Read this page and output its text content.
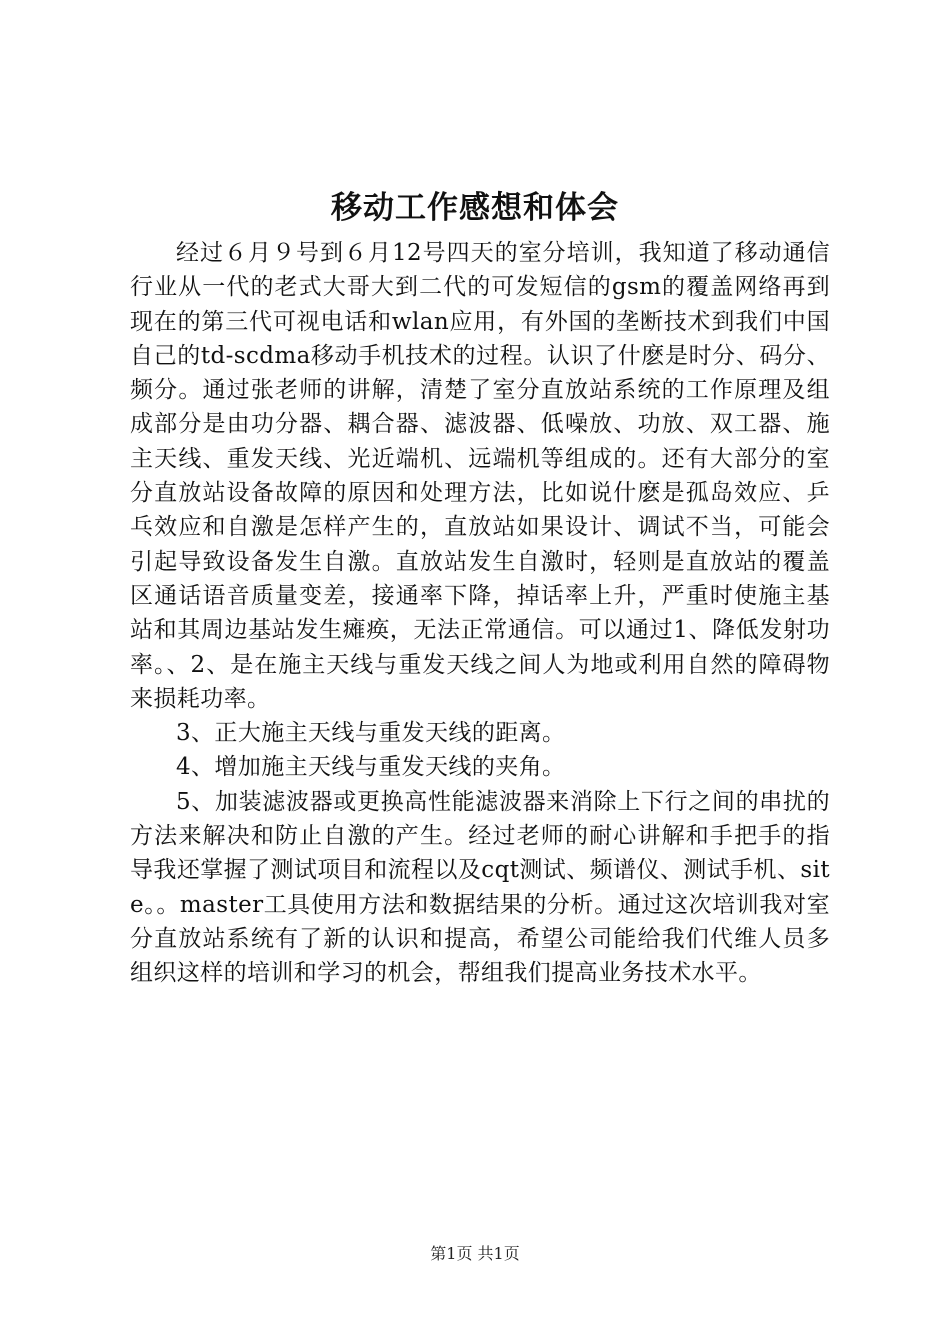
移动工作感想和体会

经过６月９号到６月12号四天的室分培训，我知道了移动通信行业从一代的老式大哥大到二代的可发短信的gsm的覆盖网络再到现在的第三代可视电话和wlan应用，有外国的垄断技术到我们中国自己的td-scdma移动手机技术的过程。认识了什麽是时分、码分、频分。通过张老师的讲解，清楚了室分直放站系统的工作原理及组成部分是由功分器、耦合器、滤波器、低噪放、功放、双工器、施主天线、重发天线、光近端机、远端机等组成的。还有大部分的室分直放站设备故障的原因和处理方法，比如说什麽是孤岛效应、乒乓效应和自激是怎样产生的，直放站如果设计、调试不当，可能会引起导致设备发生自激。直放站发生自激时，轻则是直放站的覆盖区通话语音质量变差，接通率下降，掉话率上升，严重时使施主基站和其周边基站发生瘫痪，无法正常通信。可以通过1、降低发射功率。、2、是在施主天线与重发天线之间人为地或利用自然的障碍物来损耗功率。

3、正大施主天线与重发天线的距离。

4、增加施主天线与重发天线的夹角。

5、加装滤波器或更换高性能滤波器来消除上下行之间的串扰的方法来解决和防止自激的产生。经过老师的耐心讲解和手把手的指导我还掌握了测试项目和流程以及cqt测试、频谱仪、测试手机、site。。master工具使用方法和数据结果的分析。通过这次培训我对室分直放站系统有了新的认识和提高，希望公司能给我们代维人员多组织这样的培训和学习的机会，帮组我们提高业务技术水平。

第1页 共1页
